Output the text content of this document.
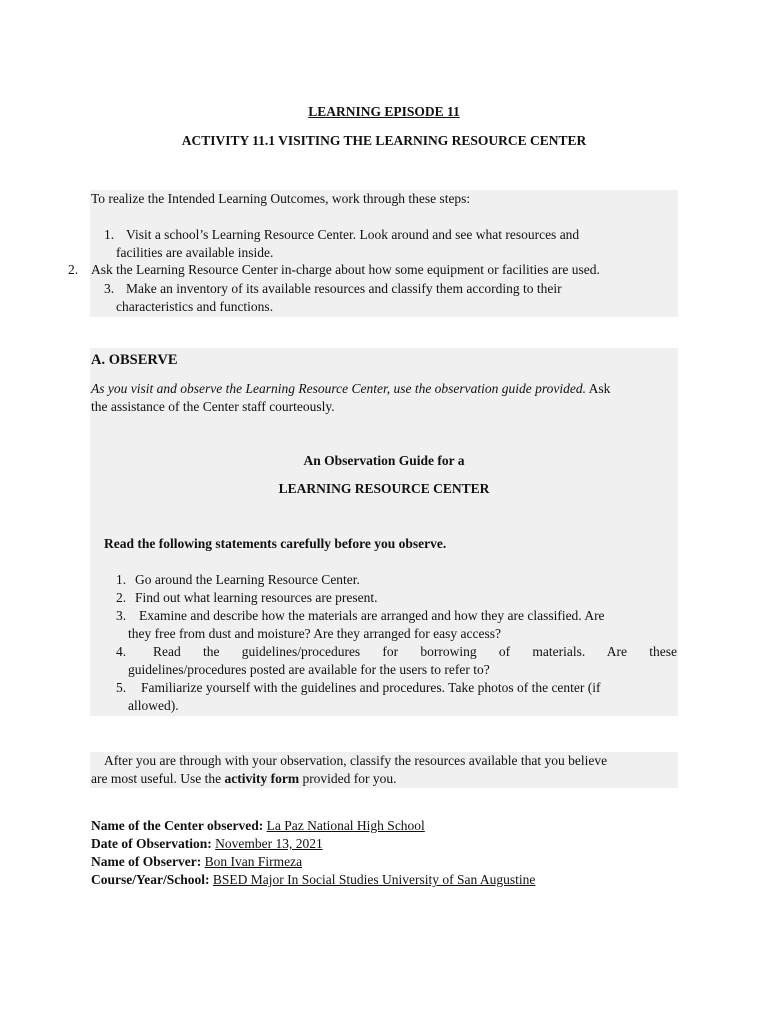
LEARNING EPISODE 11
ACTIVITY 11.1 VISITING THE LEARNING RESOURCE CENTER
To realize the Intended Learning Outcomes, work through these steps:
1. Visit a school’s Learning Resource Center. Look around and see what resources and
facilities are available inside.
2. Ask the Learning Resource Center in-charge about how some equipment or facilities are used.
3. Make an inventory of its available resources and classify them according to their
characteristics and functions.
A. OBSERVE
As you visit and observe the Learning Resource Center, use the observation guide provided. Ask
the assistance of the Center staff courteously.
An Observation Guide for a
LEARNING RESOURCE CENTER
Read the following statements carefully before you observe.
1. Go around the Learning Resource Center.
2. Find out what learning resources are present.
3. Examine and describe how the materials are arranged and how they are classified. Are
they free from dust and moisture? Are they arranged for easy access?
4. Read the guidelines/procedures for borrowing of materials. Are these
guidelines/procedures posted are available for the users to refer to?
5. Familiarize yourself with the guidelines and procedures. Take photos of the center (if
allowed).
After you are through with your observation, classify the resources available that you believe
are most useful. Use the activity form provided for you.
Name of the Center observed: La Paz National High School
Date of Observation: November 13, 2021
Name of Observer: Bon Ivan Firmeza
Course/Year/School: BSED Major In Social Studies University of San Augustine
